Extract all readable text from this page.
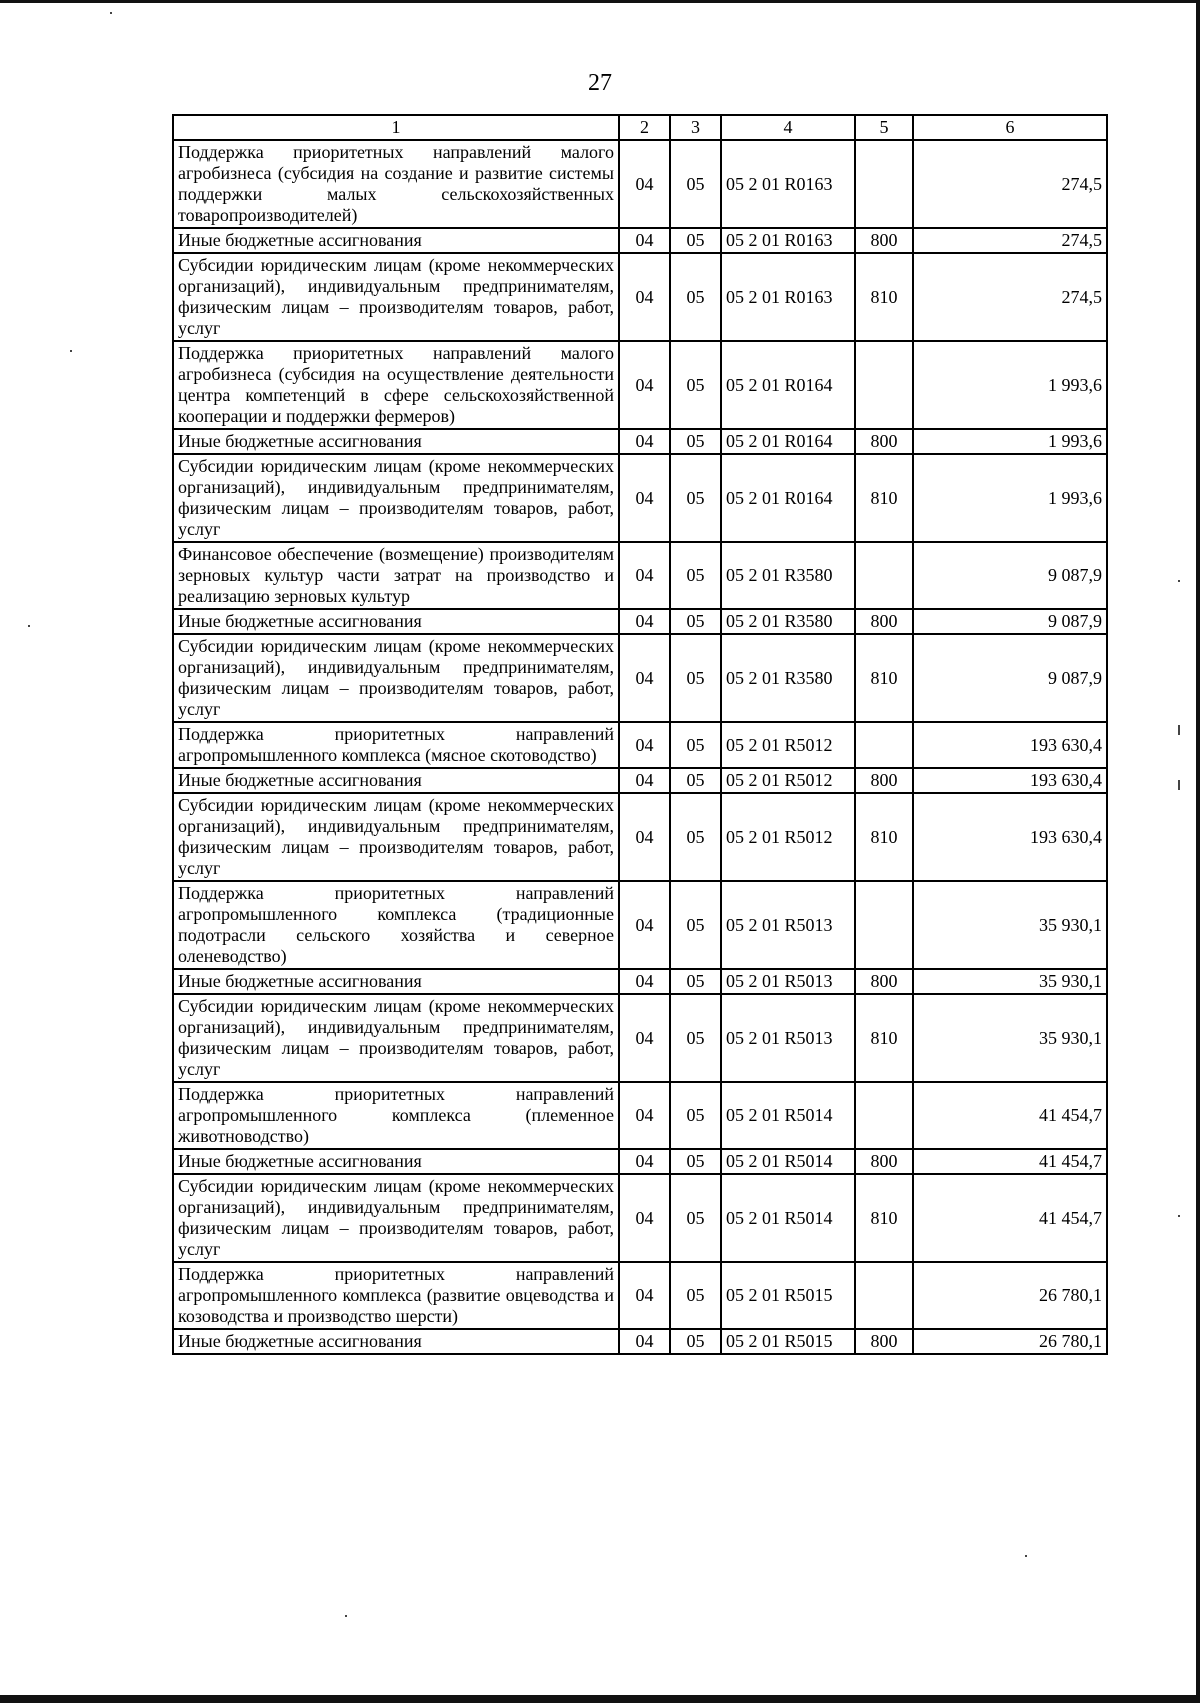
27
1	2	3	4	5	6
Поддержка приоритетных направлений малого агробизнеса (субсидия на создание и развитие системы поддержки малых сельскохозяйственных товаропроизводителей)	04	05	05 2 01 R0163		274,5
Иные бюджетные ассигнования	04	05	05 2 01 R0163	800	274,5
Субсидии юридическим лицам (кроме некоммерческих организаций), индивидуальным предпринимателям, физическим лицам – производителям товаров, работ, услуг	04	05	05 2 01 R0163	810	274,5
Поддержка приоритетных направлений малого агробизнеса (субсидия на осуществление деятельности центра компетенций в сфере сельскохозяйственной кооперации и поддержки фермеров)	04	05	05 2 01 R0164		1 993,6
Иные бюджетные ассигнования	04	05	05 2 01 R0164	800	1 993,6
Субсидии юридическим лицам (кроме некоммерческих организаций), индивидуальным предпринимателям, физическим лицам – производителям товаров, работ, услуг	04	05	05 2 01 R0164	810	1 993,6
Финансовое обеспечение (возмещение) производителям зерновых культур части затрат на производство и реализацию зерновых культур	04	05	05 2 01 R3580		9 087,9
Иные бюджетные ассигнования	04	05	05 2 01 R3580	800	9 087,9
Субсидии юридическим лицам (кроме некоммерческих организаций), индивидуальным предпринимателям, физическим лицам – производителям товаров, работ, услуг	04	05	05 2 01 R3580	810	9 087,9
Поддержка приоритетных направлений агропромышленного комплекса (мясное скотоводство)	04	05	05 2 01 R5012		193 630,4
Иные бюджетные ассигнования	04	05	05 2 01 R5012	800	193 630,4
Субсидии юридическим лицам (кроме некоммерческих организаций), индивидуальным предпринимателям, физическим лицам – производителям товаров, работ, услуг	04	05	05 2 01 R5012	810	193 630,4
Поддержка приоритетных направлений агропромышленного комплекса (традиционные подотрасли сельского хозяйства и северное оленеводство)	04	05	05 2 01 R5013		35 930,1
Иные бюджетные ассигнования	04	05	05 2 01 R5013	800	35 930,1
Субсидии юридическим лицам (кроме некоммерческих организаций), индивидуальным предпринимателям, физическим лицам – производителям товаров, работ, услуг	04	05	05 2 01 R5013	810	35 930,1
Поддержка приоритетных направлений агропромышленного комплекса (племенное животноводство)	04	05	05 2 01 R5014		41 454,7
Иные бюджетные ассигнования	04	05	05 2 01 R5014	800	41 454,7
Субсидии юридическим лицам (кроме некоммерческих организаций), индивидуальным предпринимателям, физическим лицам – производителям товаров, работ, услуг	04	05	05 2 01 R5014	810	41 454,7
Поддержка приоритетных направлений агропромышленного комплекса (развитие овцеводства и козоводства и производство шерсти)	04	05	05 2 01 R5015		26 780,1
Иные бюджетные ассигнования	04	05	05 2 01 R5015	800	26 780,1
